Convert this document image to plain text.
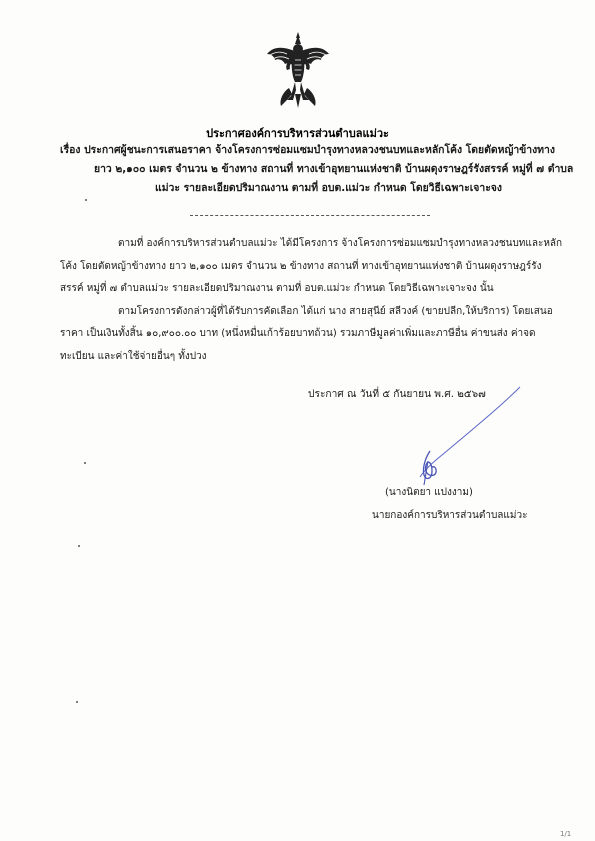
ประกาศองค์การบริหารส่วนตำบลแม่วะ
เรื่อง ประกาศผู้ชนะการเสนอราคา จ้างโครงการซ่อมแซมบำรุงทางหลวงชนบทและหลักโค้ง โดยตัดหญ้าข้างทาง
ยาว ๒,๑๐๐ เมตร จำนวน ๒ ข้างทาง สถานที่ ทางเข้าอุทยานแห่งชาติ บ้านผดุงราษฎร์รังสรรค์ หมู่ที่ ๗ ตำบล
แม่วะ รายละเอียดปริมาณงาน ตามที่ อบต.แม่วะ กำหนด โดยวิธีเฉพาะเจาะจง
ตามที่ องค์การบริหารส่วนตำบลแม่วะ ได้มีโครงการ จ้างโครงการซ่อมแซมบำรุงทางหลวงชนบทและหลัก
โค้ง โดยตัดหญ้าข้างทาง ยาว ๒,๑๐๐ เมตร จำนวน ๒ ข้างทาง สถานที่ ทางเข้าอุทยานแห่งชาติ บ้านผดุงราษฎร์รัง
สรรค์ หมู่ที่ ๗ ตำบลแม่วะ รายละเอียดปริมาณงาน ตามที่ อบต.แม่วะ กำหนด โดยวิธีเฉพาะเจาะจง นั้น
ตามโครงการดังกล่าวผู้ที่ได้รับการคัดเลือก ได้แก่ นาง สายสุนีย์ สลีวงค์ (ขายปลีก,ให้บริการ) โดยเสนอ
ราคา เป็นเงินทั้งสิ้น ๑๐,๙๐๐.๐๐ บาท (หนึ่งหมื่นเก้าร้อยบาทถ้วน) รวมภาษีมูลค่าเพิ่มและภาษีอื่น ค่าขนส่ง ค่าจด
ทะเบียน และค่าใช้จ่ายอื่นๆ ทั้งปวง
ประกาศ ณ วันที่ ๕ กันยายน พ.ศ. ๒๕๖๗
(นางนิตยา แปงงาม)
นายกองค์การบริหารส่วนตำบลแม่วะ
1/1
